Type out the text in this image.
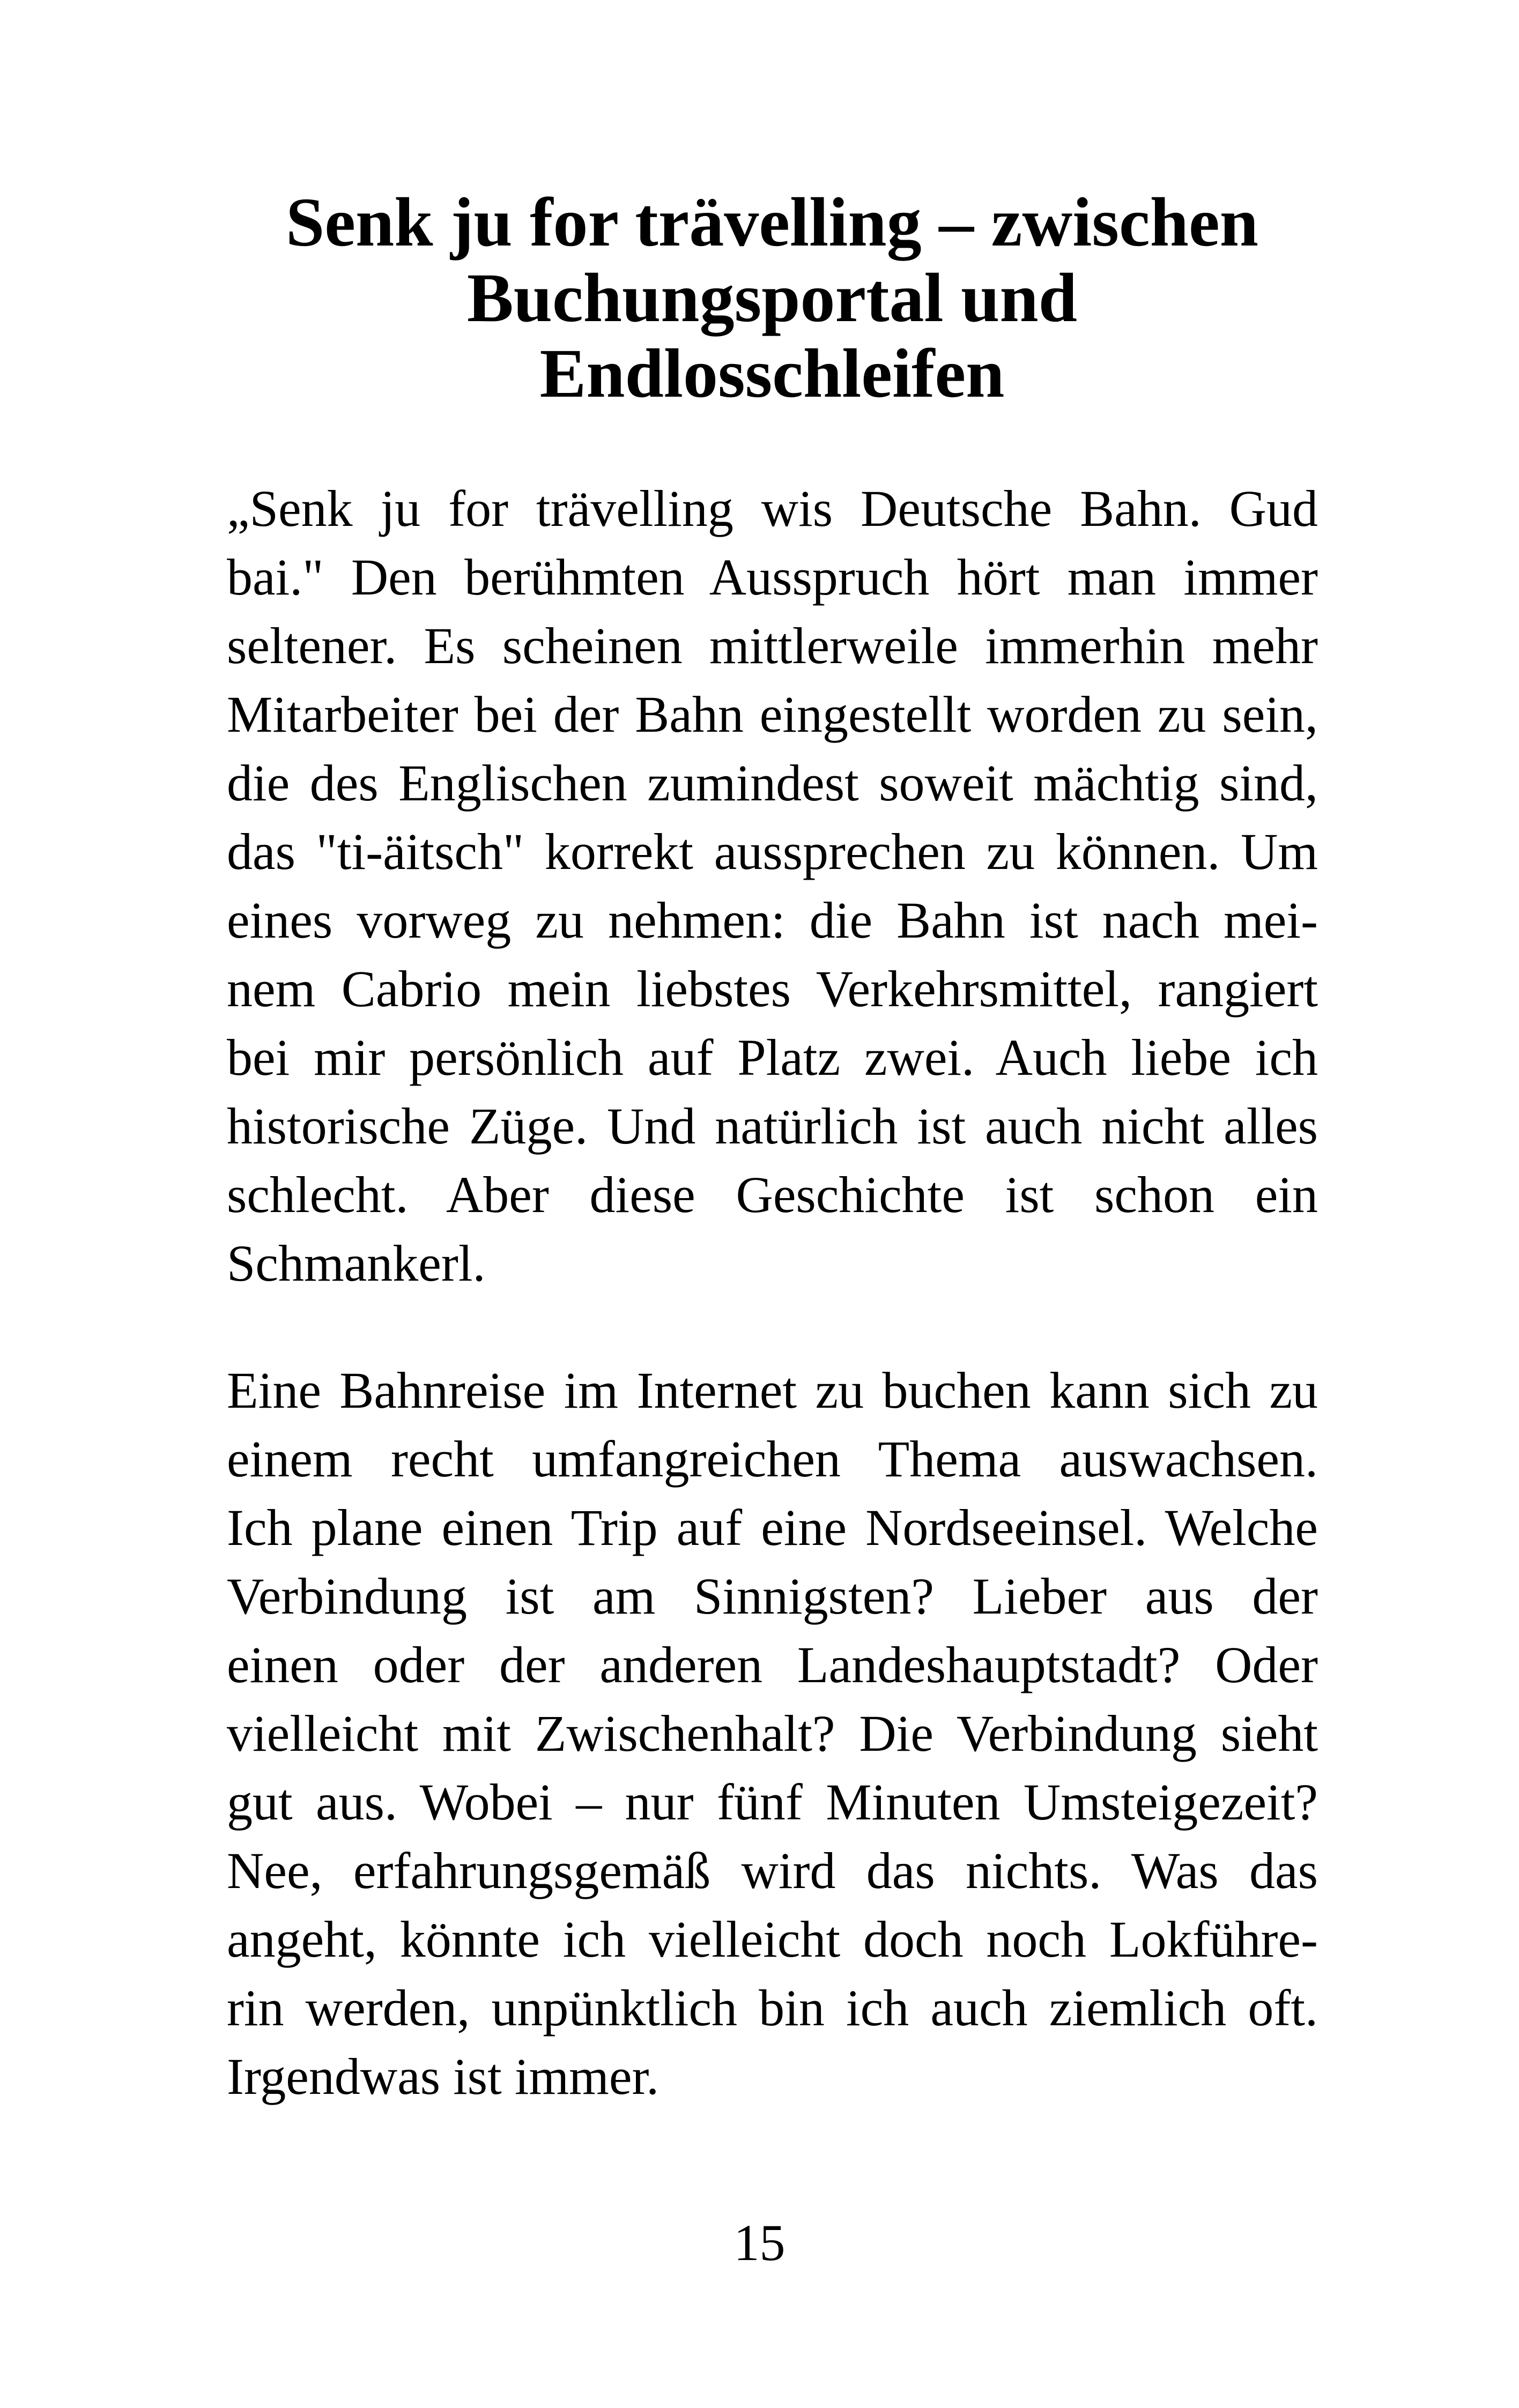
Senk ju for trävelling – zwischen
Buchungsportal und
Endlosschleifen
„Senk ju for trävelling wis Deutsche Bahn. Gud
bai." Den berühmten Ausspruch hört man immer
seltener. Es scheinen mittlerweile immerhin mehr
Mitarbeiter bei der Bahn eingestellt worden zu sein,
die des Englischen zumindest soweit mächtig sind,
das "ti-äitsch" korrekt aussprechen zu können. Um
eines vorweg zu nehmen: die Bahn ist nach mei-
nem Cabrio mein liebstes Verkehrsmittel, rangiert
bei mir persönlich auf Platz zwei. Auch liebe ich
historische Züge. Und natürlich ist auch nicht alles
schlecht. Aber diese Geschichte ist schon ein
Schmankerl.
Eine Bahnreise im Internet zu buchen kann sich zu
einem recht umfangreichen Thema auswachsen.
Ich plane einen Trip auf eine Nordseeinsel. Welche
Verbindung ist am Sinnigsten? Lieber aus der
einen oder der anderen Landeshauptstadt? Oder
vielleicht mit Zwischenhalt? Die Verbindung sieht
gut aus. Wobei – nur fünf Minuten Umsteigezeit?
Nee, erfahrungsgemäß wird das nichts. Was das
angeht, könnte ich vielleicht doch noch Lokführe-
rin werden, unpünktlich bin ich auch ziemlich oft.
Irgendwas ist immer.
15
